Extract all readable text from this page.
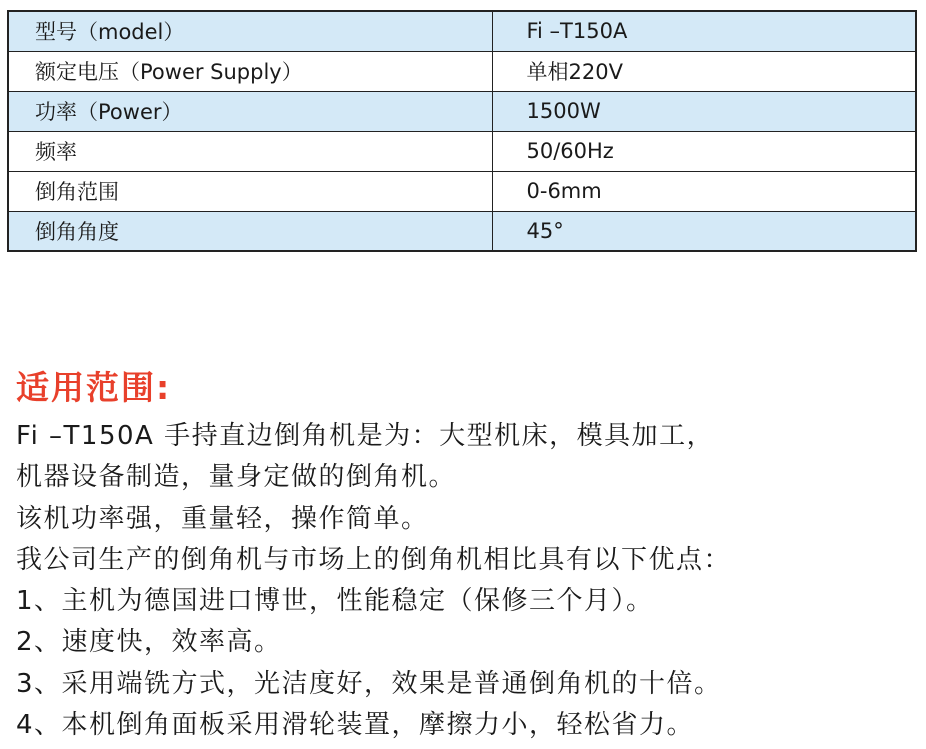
型号（model）	Fi –T150A
额定电压（Power Supply）	单相220V
功率（Power）	1500W
频率	50/60Hz
倒角范围	0-6mm
倒角角度	45°
适用范围:
Fi –T150A 手持直边倒角机是为：大型机床，模具加工，
机器设备制造，量身定做的倒角机。
该机功率强，重量轻，操作简单。
我公司生产的倒角机与市场上的倒角机相比具有以下优点：
1、主机为德国进口博世，性能稳定（保修三个月）。
2、速度快，效率高。
3、采用端铣方式，光洁度好，效果是普通倒角机的十倍。
4、本机倒角面板采用滑轮装置，摩擦力小，轻松省力。
